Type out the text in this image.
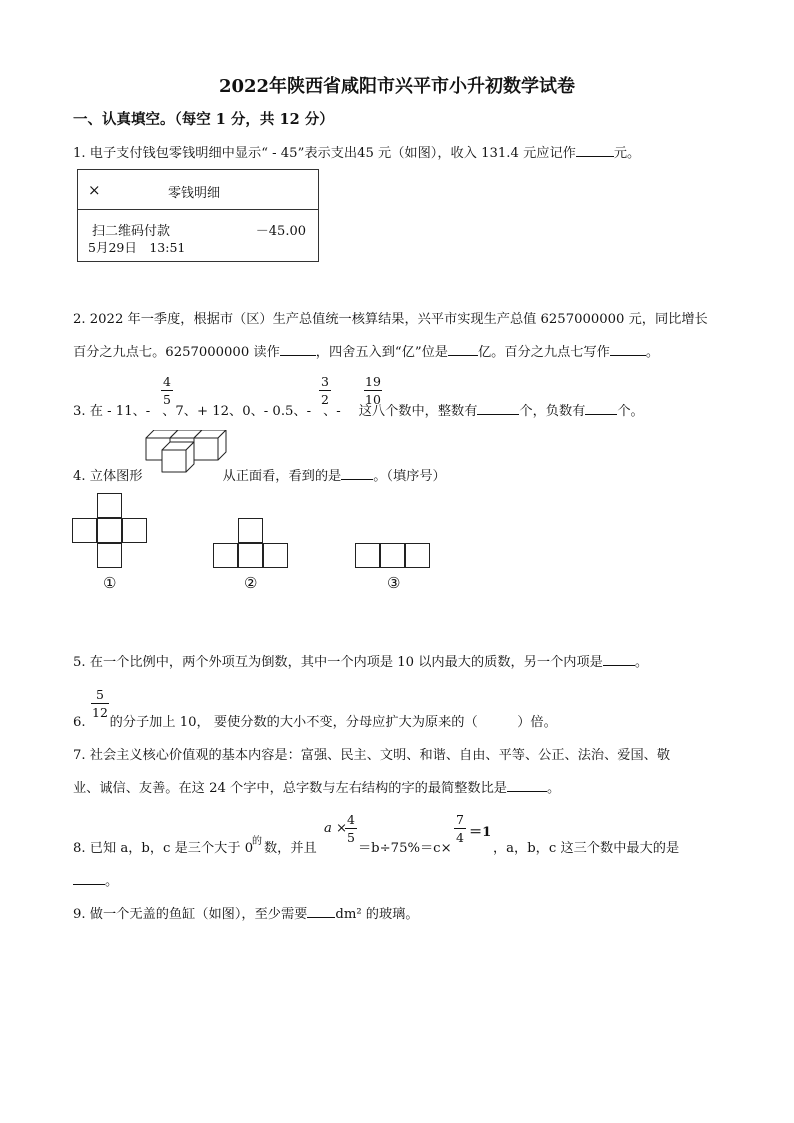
2022年陕西省咸阳市兴平市小升初数学试卷
一、认真填空。（每空 1 分，共 12 分）
1. 电子支付钱包零钱明细中显示“ - 45”表示支出45 元（如图），收入 131.4 元应记作	元。
×	零钱明细
扫二维码付款	－45.00
5月29日　13:51
2. 2022 年一季度，根据市（区）生产总值统一核算结果，兴平市实现生产总值 6257000000 元，同比增长
百分之九点七。6257000000 读作	，四舍五入到“亿”位是 亿。百分之九点七写作	。
3. 在 - 11、- 、7、+ 12、0、- 0.5、- 、- 这八个数中，整数有	个，负数有 个。
4
5
3
2
19
10
4. 立体图形	从正面看，看到的是 。（填序号）
①	②	③
5. 在一个比例中，两个外项互为倒数，其中一个内项是 10 以内最大的质数，另一个内项是 。
5
12
6. 的分子加上 10， 要使分数的大小不变，分母应扩大为原来的（　　　）倍。
7. 社会主义核心价值观的基本内容是：富强、民主、文明、和谐、自由、平等、公正、法治、爱国、敬
业、诚信、友善。在这 24 个字中，总字数与左右结构的字的最简整数比是	。
8. 已知 a，b，c 是三个大于 0
的 数，并且
a ×
4
5
＝b÷75%＝c×
7
4 ＝1
，a，b，c 这三个数中最大的是
。
9. 做一个无盖的鱼缸（如图），至少需要 dm² 的玻璃。
